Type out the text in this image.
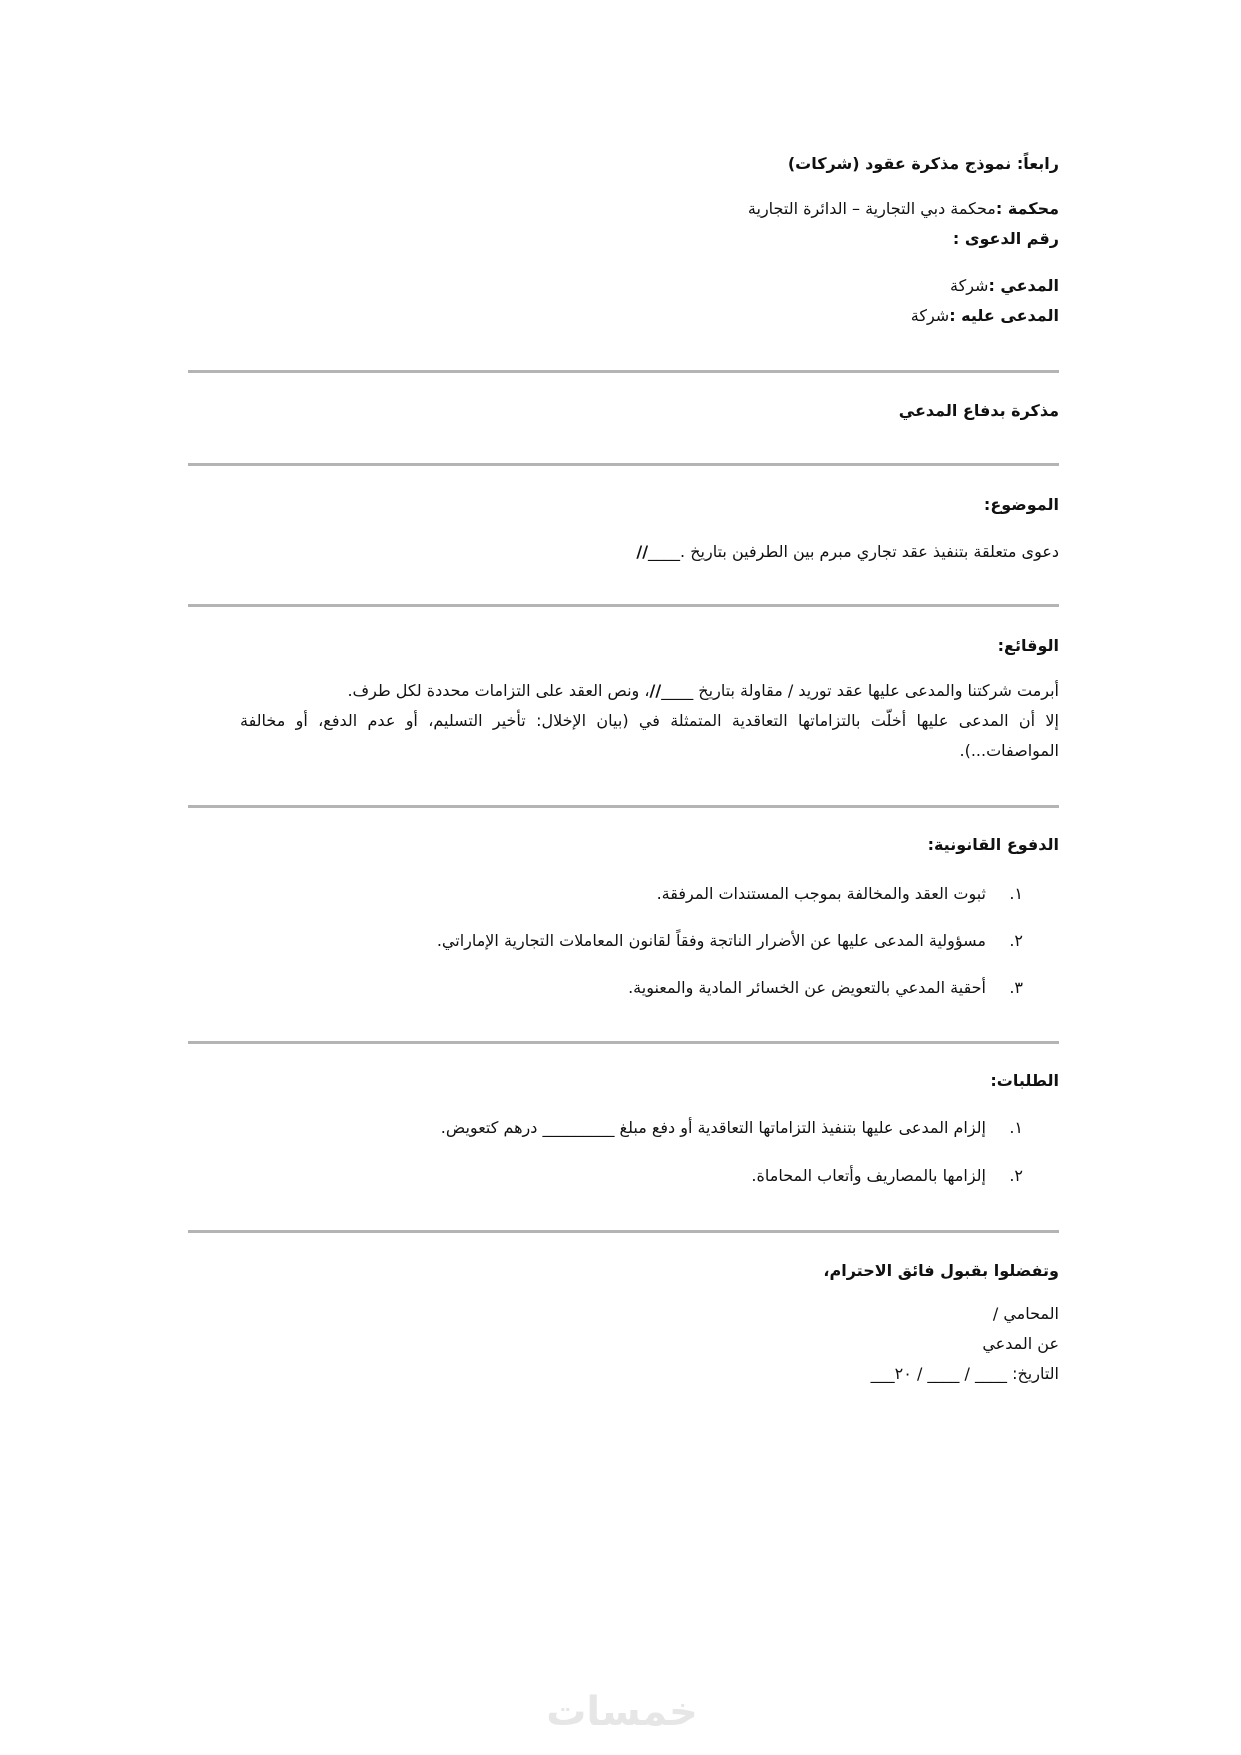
رابعاً: نموذج مذكرة عقود (شركات)
محكمة :محكمة دبي التجارية – الدائرة التجارية
رقم الدعوى :
المدعي :شركة
المدعى عليه :شركة
مذكرة بدفاع المدعي
الموضوع:
دعوى متعلقة بتنفيذ عقد تجاري مبرم بين الطرفين بتاريخ .____//
الوقائع:
أبرمت شركتنا والمدعى عليها عقد توريد / مقاولة بتاريخ ____//، ونص العقد على التزامات محددة لكل طرف.
إلا أن المدعى عليها أخلّت بالتزاماتها التعاقدية المتمثلة في (بيان الإخلال: تأخير التسليم، أو عدم الدفع، أو مخالفة المواصفات...).
الدفوع القانونية:
١.
ثبوت العقد والمخالفة بموجب المستندات المرفقة.
٢.
مسؤولية المدعى عليها عن الأضرار الناتجة وفقاً لقانون المعاملات التجارية الإماراتي.
٣.
أحقية المدعي بالتعويض عن الخسائر المادية والمعنوية.
الطلبات:
١.
إلزام المدعى عليها بتنفيذ التزاماتها التعاقدية أو دفع مبلغ _________ درهم كتعويض.
٢.
إلزامها بالمصاريف وأتعاب المحاماة.
وتفضلوا بقبول فائق الاحترام،
المحامي /
عن المدعي
التاريخ: ____ / ____ / ٢٠___
خمسات
